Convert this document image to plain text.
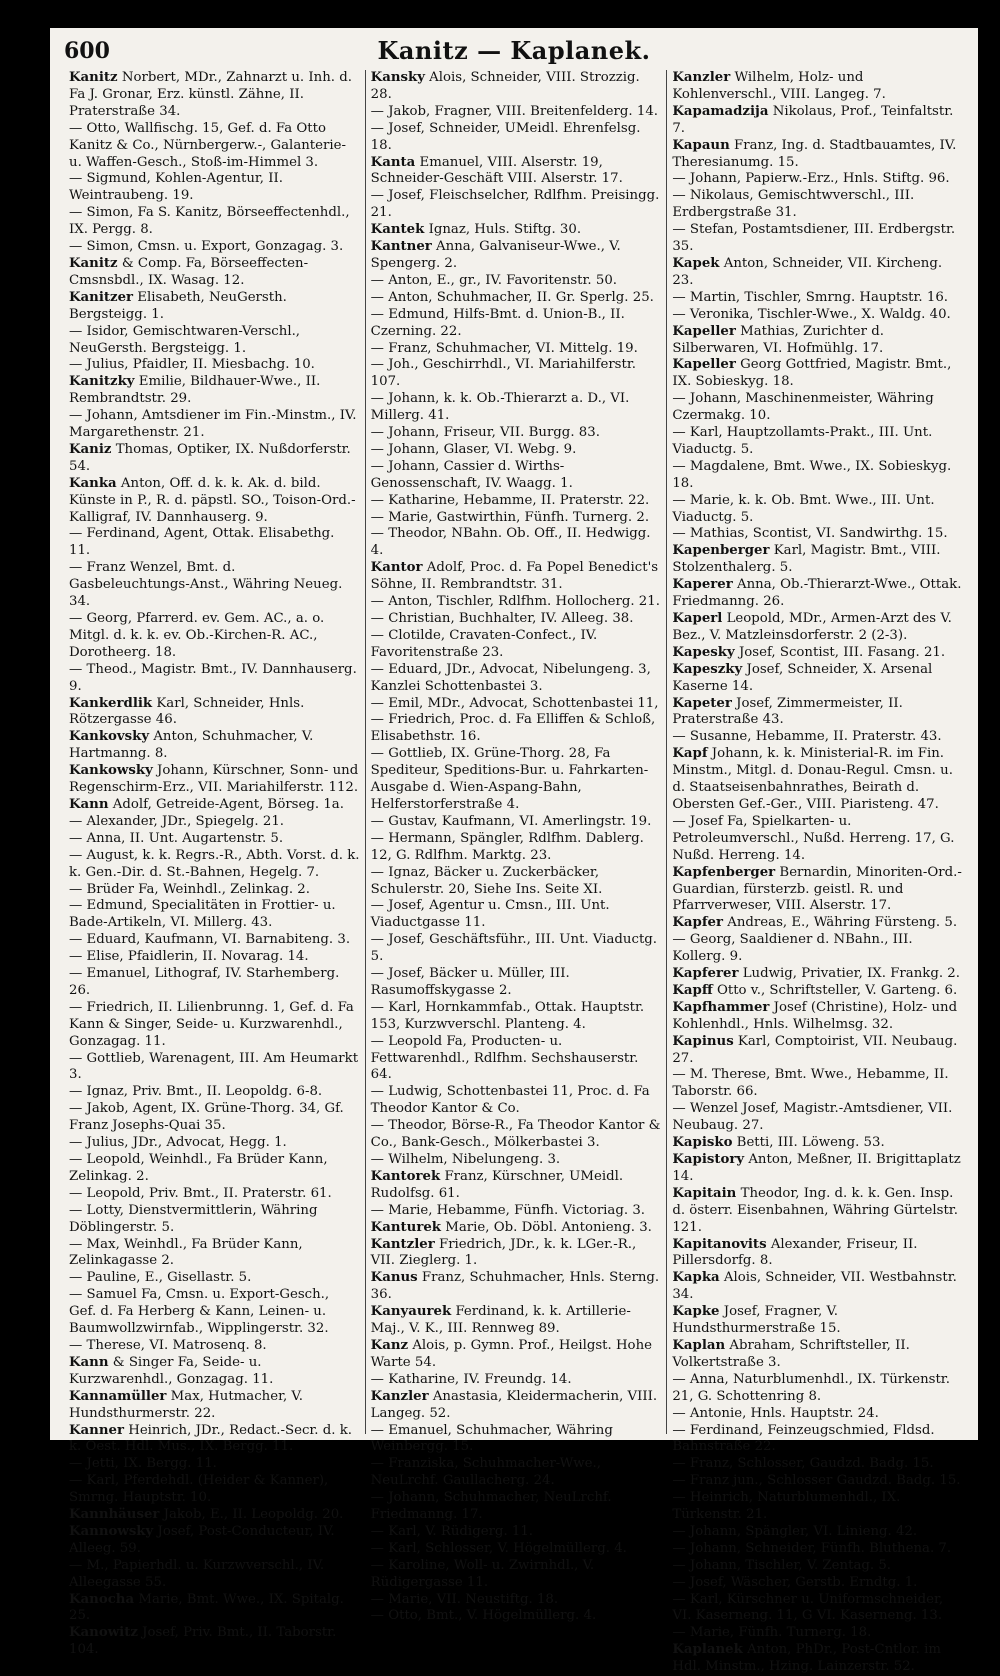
600	Kanitz — Kaplanek.

Kanitz Norbert, MDr., Zahnarzt u. Inh. d. Fa J. Gronar, Erz. künstl. Zähne, II. Praterstraße 34.

— Otto, Wallfischg. 15, Gef. d. Fa Otto Kanitz & Co., Nürnbergerw.-, Galanterie- u. Waffen-Gesch., Stoß-im-Himmel 3.

— Sigmund, Kohlen-Agentur, II. Weintraubeng. 19.

— Simon, Fa S. Kanitz, Börseeffectenhdl., IX. Pergg. 8.

— Simon, Cmsn. u. Export, Gonzagag. 3.

Kanitz & Comp. Fa, Börseeffecten-Cmsnsbdl., IX. Wasag. 12.

Kanitzer Elisabeth, NeuGersth. Bergsteigg. 1.

— Isidor, Gemischtwaren-Verschl., NeuGersth. Bergsteigg. 1.

— Julius, Pfaidler, II. Miesbachg. 10.

Kanitzky Emilie, Bildhauer-Wwe., II. Rembrandtstr. 29.

— Johann, Amtsdiener im Fin.-Minstm., IV. Margarethenstr. 21.

Kaniz Thomas, Optiker, IX. Nußdorferstr. 54.

Kanka Anton, Off. d. k. k. Ak. d. bild. Künste in P., R. d. päpstl. SO., Toison-Ord.-Kalligraf, IV. Dannhauserg. 9.

— Ferdinand, Agent, Ottak. Elisabethg. 11.

— Franz Wenzel, Bmt. d. Gasbeleuchtungs-Anst., Währing Neueg. 34.

— Georg, Pfarrerd. ev. Gem. AC., a. o. Mitgl. d. k. k. ev. Ob.-Kirchen-R. AC., Dorotheerg. 18.

— Theod., Magistr. Bmt., IV. Dannhauserg. 9.

Kankerdlik Karl, Schneider, Hnls. Rötzergasse 46.

Kankovsky Anton, Schuhmacher, V. Hartmanng. 8.

Kankowsky Johann, Kürschner, Sonn- und Regenschirm-Erz., VII. Mariahilferstr. 112.

Kann Adolf, Getreide-Agent, Börseg. 1a.

— Alexander, JDr., Spiegelg. 21.

— Anna, II. Unt. Augartenstr. 5.

— August, k. k. Regrs.-R., Abth. Vorst. d. k. k. Gen.-Dir. d. St.-Bahnen, Hegelg. 7.

— Brüder Fa, Weinhdl., Zelinkag. 2.

— Edmund, Specialitäten in Frottier- u. Bade-Artikeln, VI. Millerg. 43.

— Eduard, Kaufmann, VI. Barnabiteng. 3.

— Elise, Pfaidlerin, II. Novarag. 14.

— Emanuel, Lithograf, IV. Starhemberg. 26.

— Friedrich, II. Lilienbrunng. 1, Gef. d. Fa Kann & Singer, Seide- u. Kurzwarenhdl., Gonzagag. 11.

— Gottlieb, Warenagent, III. Am Heumarkt 3.

— Ignaz, Priv. Bmt., II. Leopoldg. 6-8.

— Jakob, Agent, IX. Grüne-Thorg. 34, Gf. Franz Josephs-Quai 35.

— Julius, JDr., Advocat, Hegg. 1.

— Leopold, Weinhdl., Fa Brüder Kann, Zelinkag. 2.

— Leopold, Priv. Bmt., II. Praterstr. 61.

— Lotty, Dienstvermittlerin, Währing Döblingerstr. 5.

— Max, Weinhdl., Fa Brüder Kann, Zelinkagasse 2.

— Pauline, E., Gisellastr. 5.

— Samuel Fa, Cmsn. u. Export-Gesch., Gef. d. Fa Herberg & Kann, Leinen- u. Baumwollzwirnfab., Wipplingerstr. 32.

— Therese, VI. Matrosenq. 8.

Kann & Singer Fa, Seide- u. Kurzwarenhdl., Gonzagag. 11.

Kannamüller Max, Hutmacher, V. Hundsthurmerstr. 22.

Kanner Heinrich, JDr., Redact.-Secr. d. k. k. Oest. Hdl. Mus., IX. Bergg. 11.

— Jetti, IX. Bergg. 11.

— Karl, Pferdehdl. (Heider & Kanner), Smrng. Hauptstr. 10.

Kannhäuser Jakob, E., II. Leopoldg. 20.

Kannowsky Josef, Post-Conducteur, IV. Alleeg. 59.

— M., Papierhdl. u. Kurzwverschl., IV. Alleegasse 55.

Kanocha Marie, Bmt. Wwe., IX. Spitalg. 25.

Kanowitz Josef, Priv. Bmt., II. Taborstr. 104.

Kansky Alois, Schneider, VIII. Strozzig. 28.

— Jakob, Fragner, VIII. Breitenfelderg. 14.

— Josef, Schneider, UMeidl. Ehrenfelsg. 18.

Kanta Emanuel, VIII. Alserstr. 19, Schneider-Geschäft VIII. Alserstr. 17.

— Josef, Fleischselcher, Rdlfhm. Preisingg. 21.

Kantek Ignaz, Huls. Stiftg. 30.

Kantner Anna, Galvaniseur-Wwe., V. Spengerg. 2.

— Anton, E., gr., IV. Favoritenstr. 50.

— Anton, Schuhmacher, II. Gr. Sperlg. 25.

— Edmund, Hilfs-Bmt. d. Union-B., II. Czerning. 22.

— Franz, Schuhmacher, VI. Mittelg. 19.

— Joh., Geschirrhdl., VI. Mariahilferstr. 107.

— Johann, k. k. Ob.-Thierarzt a. D., VI. Millerg. 41.

— Johann, Friseur, VII. Burgg. 83.

— Johann, Glaser, VI. Webg. 9.

— Johann, Cassier d. Wirths-Genossenschaft, IV. Waagg. 1.

— Katharine, Hebamme, II. Praterstr. 22.

— Marie, Gastwirthin, Fünfh. Turnerg. 2.

— Theodor, NBahn. Ob. Off., II. Hedwigg. 4.

Kantor Adolf, Proc. d. Fa Popel Benedict's Söhne, II. Rembrandtstr. 31.

— Anton, Tischler, Rdlfhm. Hollocherg. 21.

— Christian, Buchhalter, IV. Alleeg. 38.

— Clotilde, Cravaten-Confect., IV. Favoritenstraße 23.

— Eduard, JDr., Advocat, Nibelungeng. 3, Kanzlei Schottenbastei 3.

— Emil, MDr., Advocat, Schottenbastei 11,

— Friedrich, Proc. d. Fa Elliffen & Schloß, Elisabethstr. 16.

— Gottlieb, IX. Grüne-Thorg. 28, Fa Spediteur, Speditions-Bur. u. Fahrkarten-Ausgabe d. Wien-Aspang-Bahn, Helferstorferstraße 4.

— Gustav, Kaufmann, VI. Amerlingstr. 19.

— Hermann, Spängler, Rdlfhm. Dablerg. 12, G. Rdlfhm. Marktg. 23.

— Ignaz, Bäcker u. Zuckerbäcker, Schulerstr. 20, Siehe Ins. Seite XI.

— Josef, Agentur u. Cmsn., III. Unt. Viaductgasse 11.

— Josef, Geschäftsführ., III. Unt. Viaductg. 5.

— Josef, Bäcker u. Müller, III. Rasumoffskygasse 2.

— Karl, Hornkammfab., Ottak. Hauptstr. 153, Kurzwverschl. Planteng. 4.

— Leopold Fa, Producten- u. Fettwarenhdl., Rdlfhm. Sechshauserstr. 64.

— Ludwig, Schottenbastei 11, Proc. d. Fa Theodor Kantor & Co.

— Theodor, Börse-R., Fa Theodor Kantor & Co., Bank-Gesch., Mölkerbastei 3.

— Wilhelm, Nibelungeng. 3.

Kantorek Franz, Kürschner, UMeidl. Rudolfsg. 61.

— Marie, Hebamme, Fünfh. Victoriag. 3.

Kanturek Marie, Ob. Döbl. Antonieng. 3.

Kantzler Friedrich, JDr., k. k. LGer.-R., VII. Zieglerg. 1.

Kanus Franz, Schuhmacher, Hnls. Sterng. 36.

Kanyaurek Ferdinand, k. k. Artillerie-Maj., V. K., III. Rennweg 89.

Kanz Alois, p. Gymn. Prof., Heilgst. Hohe Warte 54.

— Katharine, IV. Freundg. 14.

Kanzler Anastasia, Kleidermacherin, VIII. Langeg. 52.

— Emanuel, Schuhmacher, Währing Weinbergg. 15.

— Franziska, Schuhmacher-Wwe., NeuLrchf. Gaullacherg. 24.

— Johann, Schuhmacher, NeuLrchf. Friedmanng. 17.

— Karl, V. Rüdigerg. 11.

— Karl, Schlosser, V. Högelmüllerg. 4.

— Karoline, Woll- u. Zwirnhdl., V. Rüdigergasse 11.

— Marie, VII. Neustiftg. 18.

— Otto, Bmt., V. Högelmüllerg. 4.

Kanzler Wilhelm, Holz- und Kohlenverschl., VIII. Langeg. 7.

Kapamadzija Nikolaus, Prof., Teinfaltstr. 7.

Kapaun Franz, Ing. d. Stadtbauamtes, IV. Theresianumg. 15.

— Johann, Papierw.-Erz., Hnls. Stiftg. 96.

— Nikolaus, Gemischtwverschl., III. Erdbergstraße 31.

— Stefan, Postamtsdiener, III. Erdbergstr. 35.

Kapek Anton, Schneider, VII. Kircheng. 23.

— Martin, Tischler, Smrng. Hauptstr. 16.

— Veronika, Tischler-Wwe., X. Waldg. 40.

Kapeller Mathias, Zurichter d. Silberwaren, VI. Hofmühlg. 17.

Kapeller Georg Gottfried, Magistr. Bmt., IX. Sobieskyg. 18.

— Johann, Maschinenmeister, Währing Czermakg. 10.

— Karl, Hauptzollamts-Prakt., III. Unt. Viaductg. 5.

— Magdalene, Bmt. Wwe., IX. Sobieskyg. 18.

— Marie, k. k. Ob. Bmt. Wwe., III. Unt. Viaductg. 5.

— Mathias, Scontist, VI. Sandwirthg. 15.

Kapenberger Karl, Magistr. Bmt., VIII. Stolzenthalerg. 5.

Kaperer Anna, Ob.-Thierarzt-Wwe., Ottak. Friedmanng. 26.

Kaperl Leopold, MDr., Armen-Arzt des V. Bez., V. Matzleinsdorferstr. 2 (2-3).

Kapesky Josef, Scontist, III. Fasang. 21.

Kapeszky Josef, Schneider, X. Arsenal Kaserne 14.

Kapeter Josef, Zimmermeister, II. Praterstraße 43.

— Susanne, Hebamme, II. Praterstr. 43.

Kapf Johann, k. k. Ministerial-R. im Fin. Minstm., Mitgl. d. Donau-Regul. Cmsn. u. d. Staatseisenbahnrathes, Beirath d. Obersten Gef.-Ger., VIII. Piaristeng. 47.

— Josef Fa, Spielkarten- u. Petroleumverschl., Nußd. Herreng. 17, G. Nußd. Herreng. 14.

Kapfenberger Bernardin, Minoriten-Ord.-Guardian, fürsterzb. geistl. R. und Pfarrverweser, VIII. Alserstr. 17.

Kapfer Andreas, E., Währing Fürsteng. 5.

— Georg, Saaldiener d. NBahn., III. Kollerg. 9.

Kapferer Ludwig, Privatier, IX. Frankg. 2.

Kapff Otto v., Schriftsteller, V. Garteng. 6.

Kapfhammer Josef (Christine), Holz- und Kohlenhdl., Hnls. Wilhelmsg. 32.

Kapinus Karl, Comptoirist, VII. Neubaug. 27.

— M. Therese, Bmt. Wwe., Hebamme, II. Taborstr. 66.

— Wenzel Josef, Magistr.-Amtsdiener, VII. Neubaug. 27.

Kapisko Betti, III. Löweng. 53.

Kapistory Anton, Meßner, II. Brigittaplatz 14.

Kapitain Theodor, Ing. d. k. k. Gen. Insp. d. österr. Eisenbahnen, Währing Gürtelstr. 121.

Kapitanovits Alexander, Friseur, II. Pillersdorfg. 8.

Kapka Alois, Schneider, VII. Westbahnstr. 34.

Kapke Josef, Fragner, V. Hundsthurmerstraße 15.

Kaplan Abraham, Schriftsteller, II. Volkertstraße 3.

— Anna, Naturblumenhdl., IX. Türkenstr. 21, G. Schottenring 8.

— Antonie, Hnls. Hauptstr. 24.

— Ferdinand, Feinzeugschmied, Fldsd. Bahnstraße 22.

— Franz, Schlosser, Gaudzd. Badg. 15.

— Franz jun., Schlosser Gaudzd. Badg. 15.

— Heinrich, Naturblumenhdl., IX. Türkenstr. 21.

— Johann, Spängler, VI. Linieng. 42.

— Johann, Schneider, Fünfh. Bluthena. 7.

— Johann, Tischler, V. Zentag. 5.

— Josef, Wäscher, Gerstb. Erndtg. 1.

— Karl, Kürschner u. Uniformschneider, VI. Kaserneng. 11, G VI. Kaserneng. 13.

— Marie, Fünfh. Turnerg. 18.

Kaplanek Anton, PhDr., Post-Cntlor. im Hdl. Minstm., Hzing. Lainzerstr. 52.
